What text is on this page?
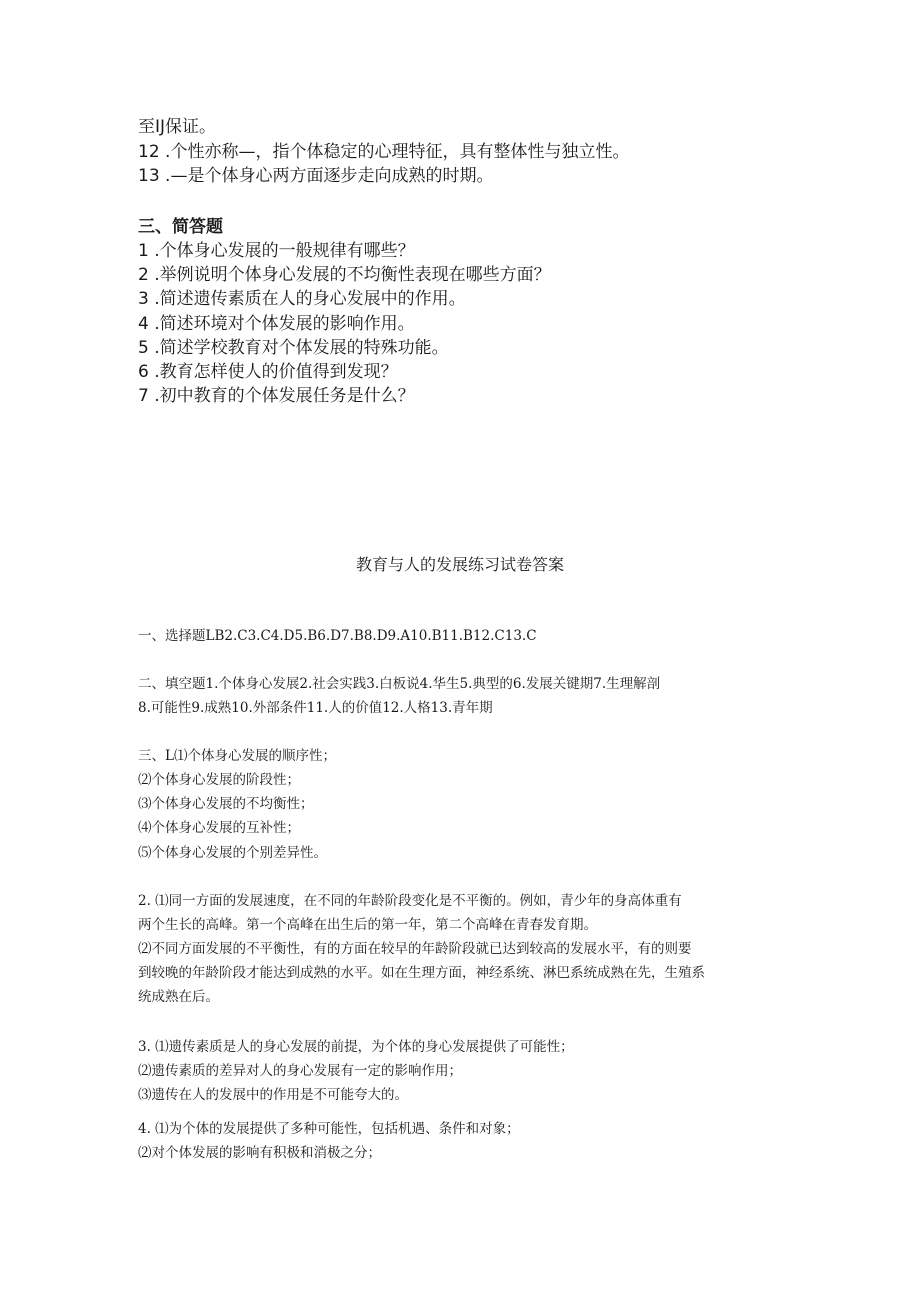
至IJ保证。
12 .个性亦称—，指个体稳定的心理特征，具有整体性与独立性。
13 .—是个体身心两方面逐步走向成熟的时期。
三、简答题
1 .个体身心发展的一般规律有哪些？
2 .举例说明个体身心发展的不均衡性表现在哪些方面？
3 .简述遗传素质在人的身心发展中的作用。
4 .简述环境对个体发展的影响作用。
5 .简述学校教育对个体发展的特殊功能。
6 .教育怎样使人的价值得到发现？
7 .初中教育的个体发展任务是什么？
教育与人的发展练习试卷答案
一、选择题LB2.C3.C4.D5.B6.D7.B8.D9.A10.B11.B12.C13.C
二、填空题1.个体身心发展2.社会实践3.白板说4.华生5.典型的6.发展关键期7.生理解剖
8.可能性9.成熟10.外部条件11.人的价值12.人格13.青年期
三、L⑴个体身心发展的顺序性；
⑵个体身心发展的阶段性；
⑶个体身心发展的不均衡性；
⑷个体身心发展的互补性；
⑸个体身心发展的个别差异性。
2. ⑴同一方面的发展速度，在不同的年龄阶段变化是不平衡的。例如，青少年的身高体重有
两个生长的高峰。第一个高峰在出生后的第一年，第二个高峰在青春发育期。
⑵不同方面发展的不平衡性，有的方面在较早的年龄阶段就已达到较高的发展水平，有的则要
到较晚的年龄阶段才能达到成熟的水平。如在生理方面，神经系统、淋巴系统成熟在先，生殖系
统成熟在后。
3. ⑴遗传素质是人的身心发展的前提，为个体的身心发展提供了可能性；
⑵遗传素质的差异对人的身心发展有一定的影响作用；
⑶遗传在人的发展中的作用是不可能夸大的。
4. ⑴为个体的发展提供了多种可能性，包括机遇、条件和对象；
⑵对个体发展的影响有积极和消极之分；
